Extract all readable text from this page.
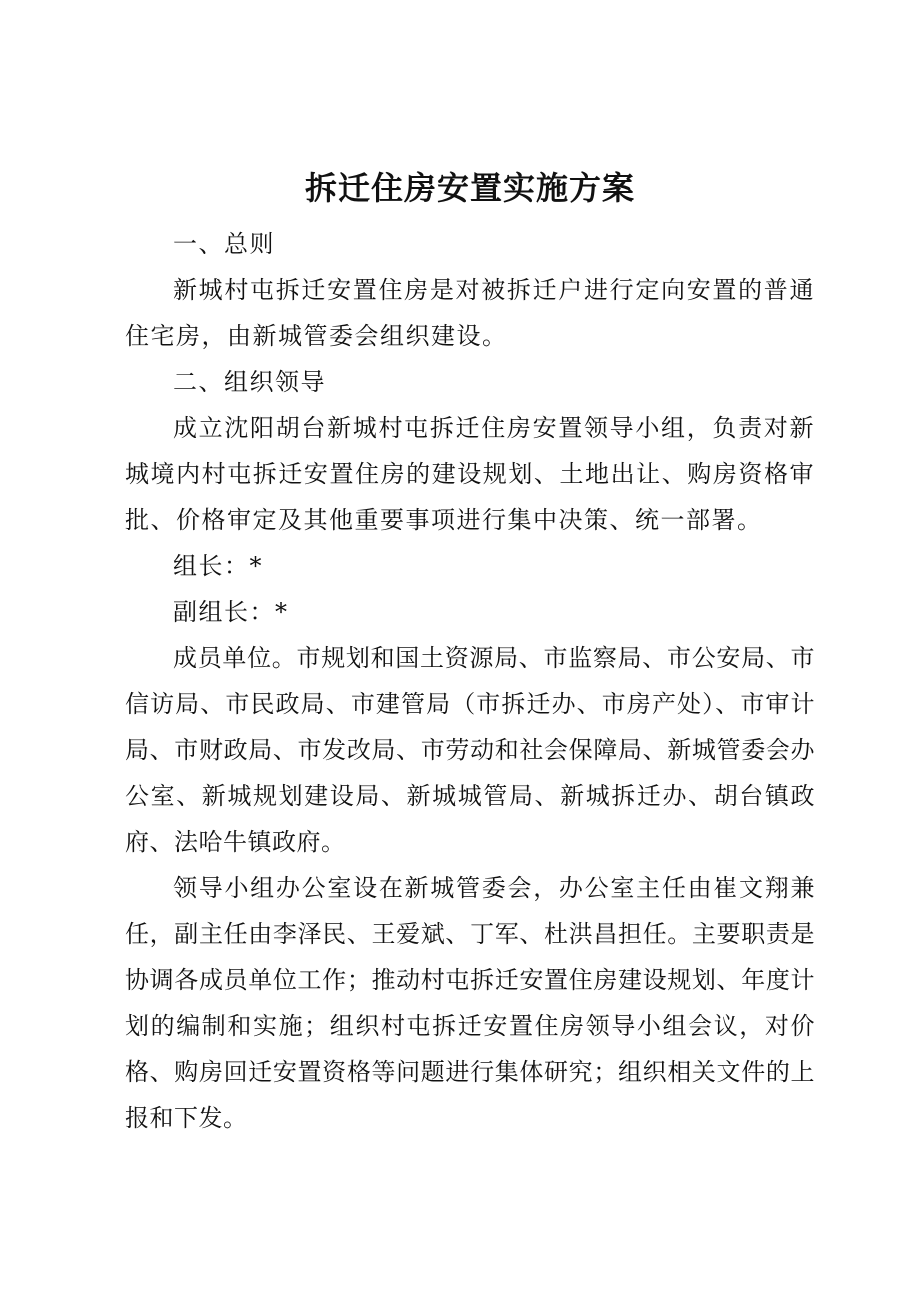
拆迁住房安置实施方案

一、总则

新城村屯拆迁安置住房是对被拆迁户进行定向安置的普通住宅房，由新城管委会组织建设。

二、组织领导

成立沈阳胡台新城村屯拆迁住房安置领导小组，负责对新城境内村屯拆迁安置住房的建设规划、土地出让、购房资格审批、价格审定及其他重要事项进行集中决策、统一部署。

组长：*

副组长：*

成员单位。市规划和国土资源局、市监察局、市公安局、市信访局、市民政局、市建管局（市拆迁办、市房产处）、市审计局、市财政局、市发改局、市劳动和社会保障局、新城管委会办公室、新城规划建设局、新城城管局、新城拆迁办、胡台镇政府、法哈牛镇政府。

领导小组办公室设在新城管委会，办公室主任由崔文翔兼任，副主任由李泽民、王爱斌、丁军、杜洪昌担任。主要职责是协调各成员单位工作；推动村屯拆迁安置住房建设规划、年度计划的编制和实施；组织村屯拆迁安置住房领导小组会议，对价格、购房回迁安置资格等问题进行集体研究；组织相关文件的上报和下发。
